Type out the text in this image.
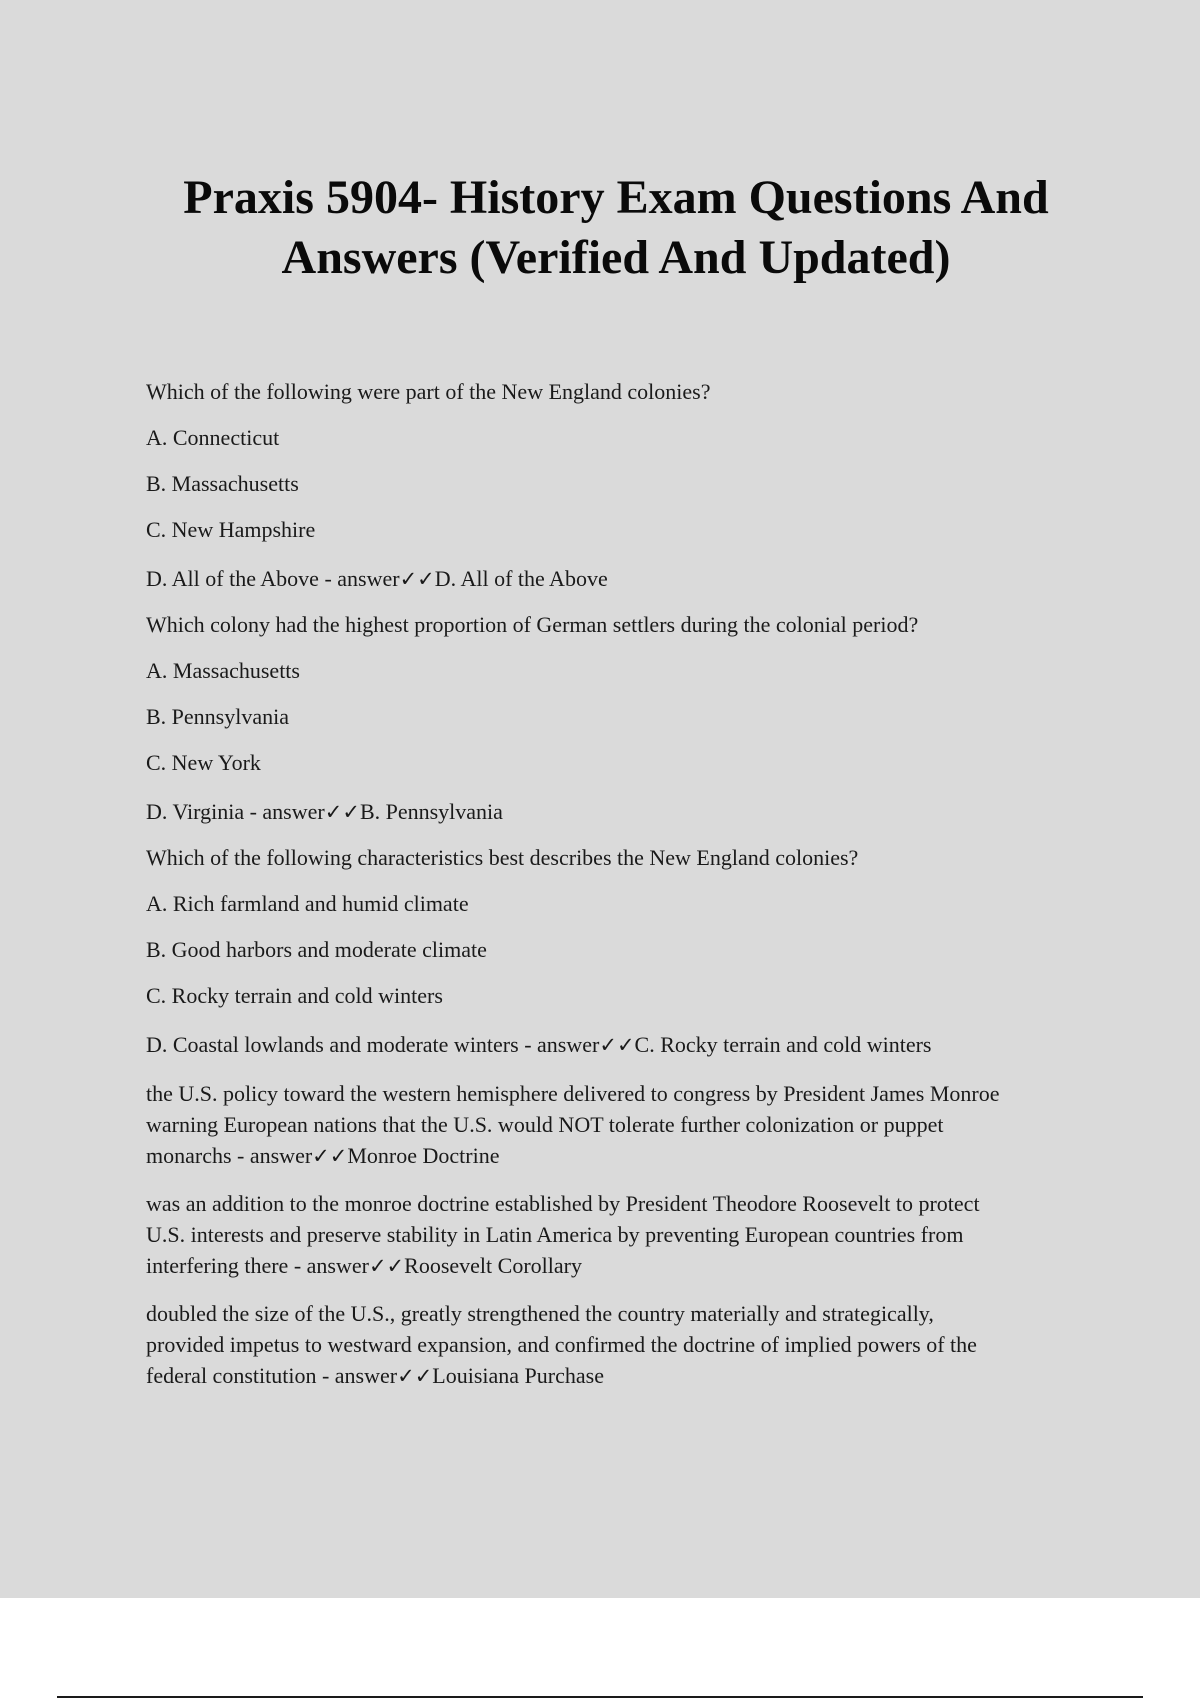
Praxis 5904- History Exam Questions And
Answers (Verified And Updated)

Which of the following were part of the New England colonies?

A. Connecticut

B. Massachusetts

C. New Hampshire

D. All of the Above - answer✓✓D. All of the Above

Which colony had the highest proportion of German settlers during the colonial period?

A. Massachusetts

B. Pennsylvania

C. New York

D. Virginia - answer✓✓B. Pennsylvania

Which of the following characteristics best describes the New England colonies?

A. Rich farmland and humid climate

B. Good harbors and moderate climate

C. Rocky terrain and cold winters

D. Coastal lowlands and moderate winters - answer✓✓C. Rocky terrain and cold winters

the U.S. policy toward the western hemisphere delivered to congress by President James Monroe
warning European nations that the U.S. would NOT tolerate further colonization or puppet
monarchs - answer✓✓Monroe Doctrine
was an addition to the monroe doctrine established by President Theodore Roosevelt to protect
U.S. interests and preserve stability in Latin America by preventing European countries from
interfering there - answer✓✓Roosevelt Corollary
doubled the size of the U.S., greatly strengthened the country materially and strategically,
provided impetus to westward expansion, and confirmed the doctrine of implied powers of the
federal constitution - answer✓✓Louisiana Purchase
